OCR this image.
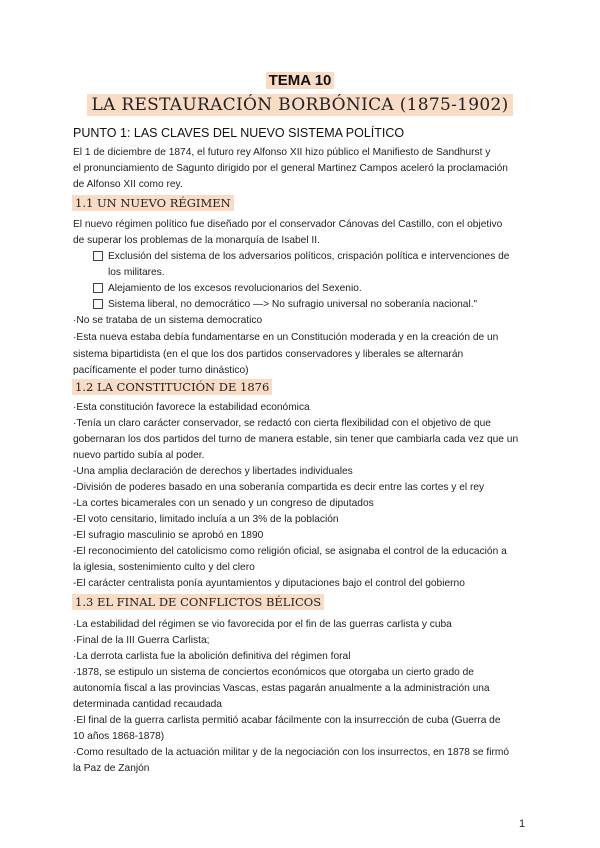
TEMA 10
LA RESTAURACIÓN BORBÓNICA (1875-1902)
PUNTO 1: LAS CLAVES DEL NUEVO SISTEMA POLÍTICO
El 1 de diciembre de 1874, el futuro rey Alfonso XII hizo público el Manifiesto de Sandhurst y
el pronunciamiento de Sagunto dirigido por el general Martinez Campos aceleró la proclamación
de Alfonso XII como rey.
1.1 UN NUEVO RÉGIMEN
El nuevo régimen político fue diseñado por el conservador Cánovas del Castillo, con el objetivo
de superar los problemas de la monarquía de Isabel II.
Exclusión del sistema de los adversarios políticos, crispación política e intervenciones de
los militares.
Alejamiento de los excesos revolucionarios del Sexenio.
Sistema liberal, no democrático —> No sufragio universal no soberanía nacional."
·No se trataba de un sistema democratico
·Esta nueva estaba debía fundamentarse en un Constitución moderada y en la creación de un
sistema bipartidista (en el que los dos partidos conservadores y liberales se alternarán
pacíficamente el poder turno dinástico)
1.2 LA CONSTITUCIÓN DE 1876
·Esta constitución favorece la estabilidad económica
·Tenía un claro carácter conservador, se redactó con cierta flexibilidad con el objetivo de que
gobernaran los dos partidos del turno de manera estable, sin tener que cambiarla cada vez que un
nuevo partido subía al poder.
-Una amplia declaración de derechos y libertades individuales
-División de poderes basado en una soberanía compartida es decir entre las cortes y el rey
-La cortes bicamerales con un senado y un congreso de diputados
-El voto censitario, limitado incluía a un 3% de la población
-El sufragio masculinio se aprobó en 1890
-El reconocimiento del catolicismo como religión oficial, se asignaba el control de la educación a
la iglesia, sostenimiento culto y del clero
-El carácter centralista ponía ayuntamientos y diputaciones bajo el control del gobierno
1.3 EL FINAL DE CONFLICTOS BÉLICOS
·La estabilidad del régimen se vio favorecida por el fin de las guerras carlista y cuba
·Final de la III Guerra Carlista;
·La derrota carlista fue la abolición definitiva del régimen foral
·1878, se estipulo un sistema de conciertos económicos que otorgaba un cierto grado de
autonomía fiscal a las provincias Vascas, estas pagarán anualmente a la administración una
determinada cantidad recaudada
·El final de la guerra carlista permitió acabar fácilmente con la insurrección de cuba (Guerra de
10 años 1868-1878)
·Como resultado de la actuación militar y de la negociación con los insurrectos, en 1878 se firmó
la Paz de Zanjón
1
